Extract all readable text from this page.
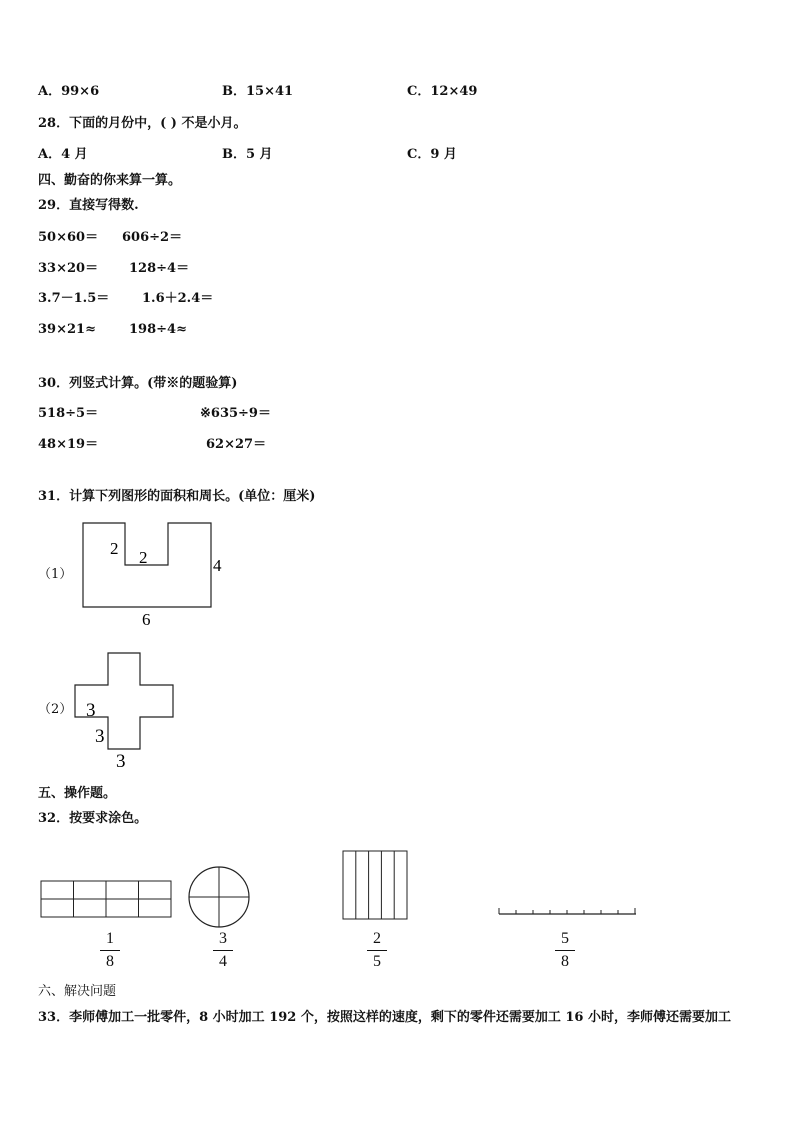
A．99×6	B．15×41	C．12×49
28．下面的月份中，( ) 不是小月。
A．4 月	B．5 月	C．9 月
四、勤奋的你来算一算。
29．直接写得数.
50×60＝ 606÷2＝
33×20＝ 128÷4＝
3.7－1.5＝	1.6＋2.4＝
39×21≈	198÷4≈
30．列竖式计算。(带※的题验算)
518÷5＝	※635÷9＝
48×19＝	62×27＝
31．计算下列图形的面积和周长。(单位：厘米)
（1）
2 2	4
6
（2） 3
3
3
五、操作题。
32．按要求涂色。
1
8
3
4
2
5
5
8
六、解决问题
33．李师傅加工一批零件，8 小时加工 192 个，按照这样的速度，剩下的零件还需要加工 16 小时，李师傅还需要加工
